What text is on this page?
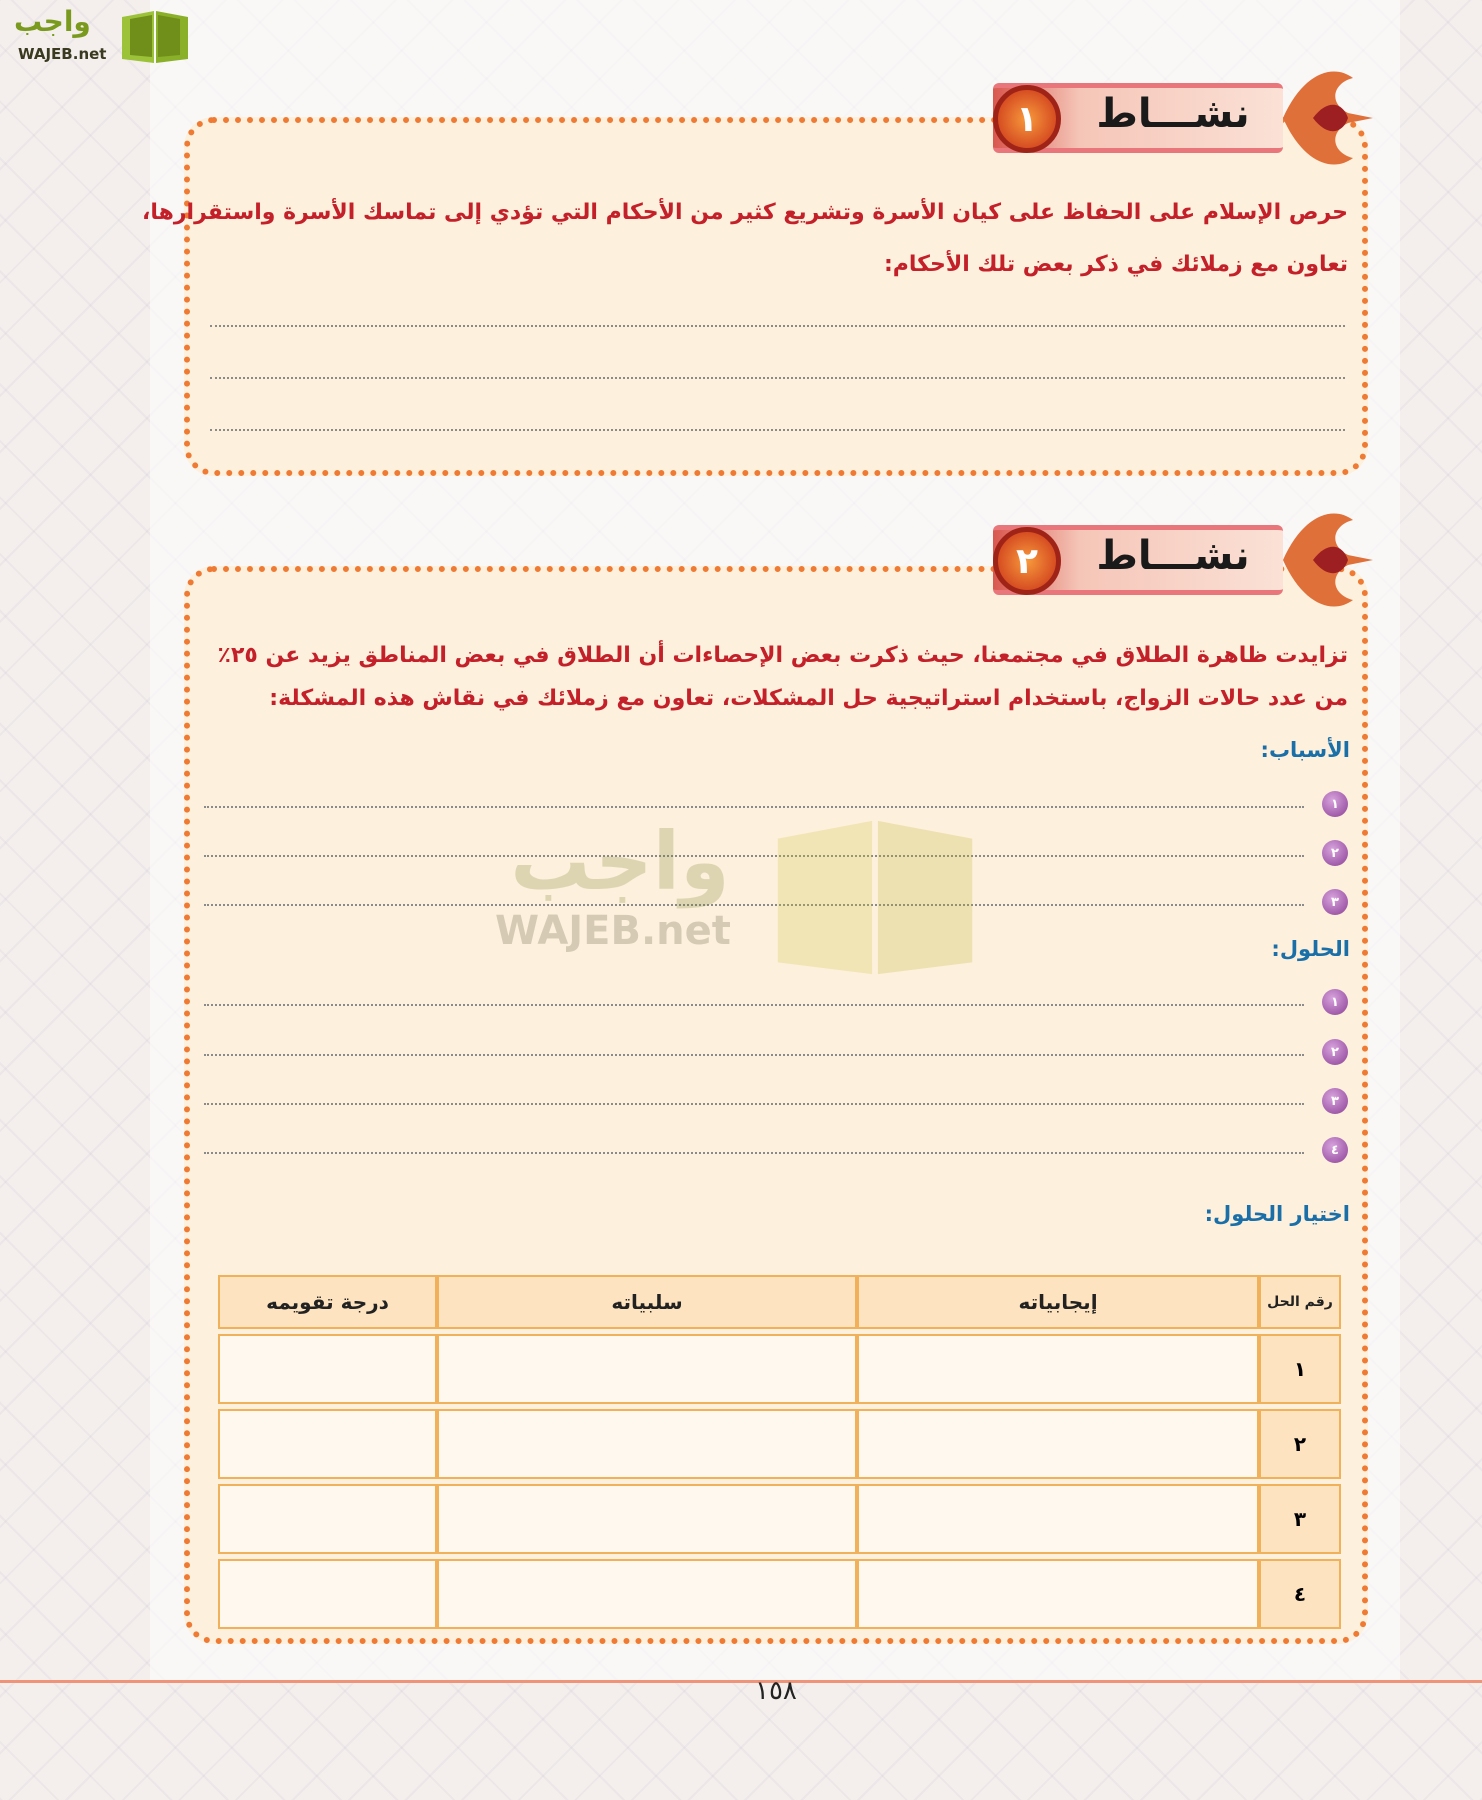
واجب
WAJEB.net
١	نشـــاط
حرص الإسلام على الحفاظ على كيان الأسرة وتشريع كثير من الأحكام التي تؤدي إلى تماسك الأسرة واستقرارها،
تعاون مع زملائك في ذكر بعض تلك الأحكام:
٢	نشـــاط
تزايدت ظاهرة الطلاق في مجتمعنا، حيث ذكرت بعض الإحصاءات أن الطلاق في بعض المناطق يزيد عن ٢٥٪
من عدد حالات الزواج، باستخدام استراتيجية حل المشكلات، تعاون مع زملائك في نقاش هذه المشكلة:
الأسباب:
١
٢
٣
الحلول:
١
٢
٣
٤
اختيار الحلول:
رقم الحل	إيجابياته	سلبياته	درجة تقويمه
١			
٢			
٣			
٤			
واجب
WAJEB.net
١٥٨
